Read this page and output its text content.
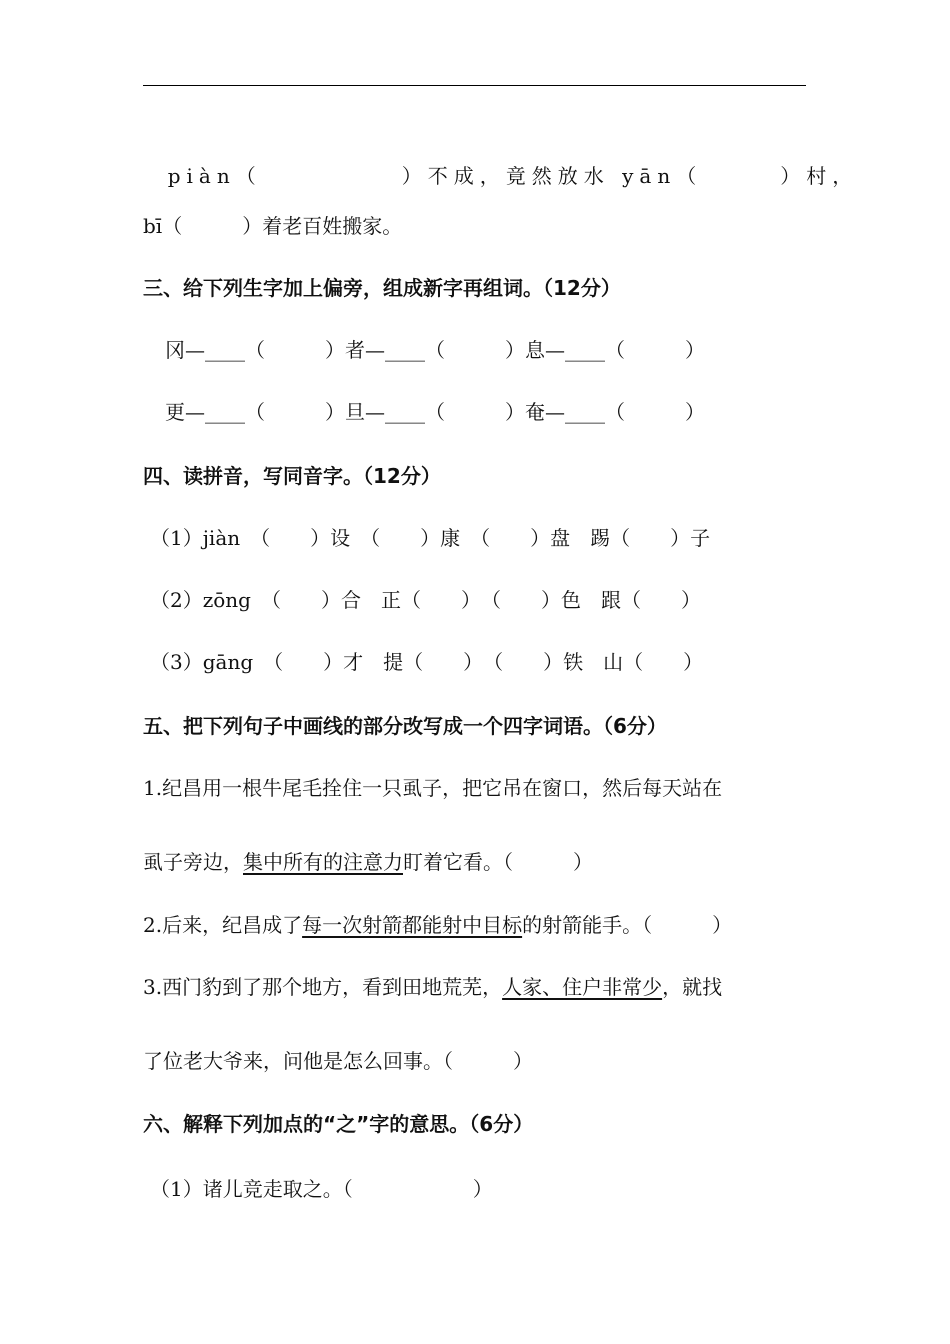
piàn（	）不成，竟然放水 yān（	）村，

bī（　　　）着老百姓搬家。
三、给下列生字加上偏旁，组成新字再组词。（12分）
冈—____（　　　）者—____（　　　）息—____（　　　）
更—____（　　　）旦—____（　　　）奄—____（　　　）
四、读拼音，写同音字。（12分）
（1）jiàn　（　　）设　（　　）康　（　　）盘　踢（　　）子
（2）zōng　（　　）合　正（　　）　（　　）色　跟（　　）
（3）gāng　（　　）才　提（　　）　（　　）铁　山（　　）
五、把下列句子中画线的部分改写成一个四字词语。（6分）
1.纪昌用一根牛尾毛拴住一只虱子，把它吊在窗口，然后每天站在
虱子旁边，集中所有的注意力盯着它看。（　　　）
2.后来，纪昌成了每一次射箭都能射中目标的射箭能手。（　　　）
3.西门豹到了那个地方，看到田地荒芜，人家、住户非常少，就找
了位老大爷来，问他是怎么回事。（　　　）
六、解释下列加点的“之”字的意思。（6分）
（1）诸儿竞走取之。（　　　　　　）
